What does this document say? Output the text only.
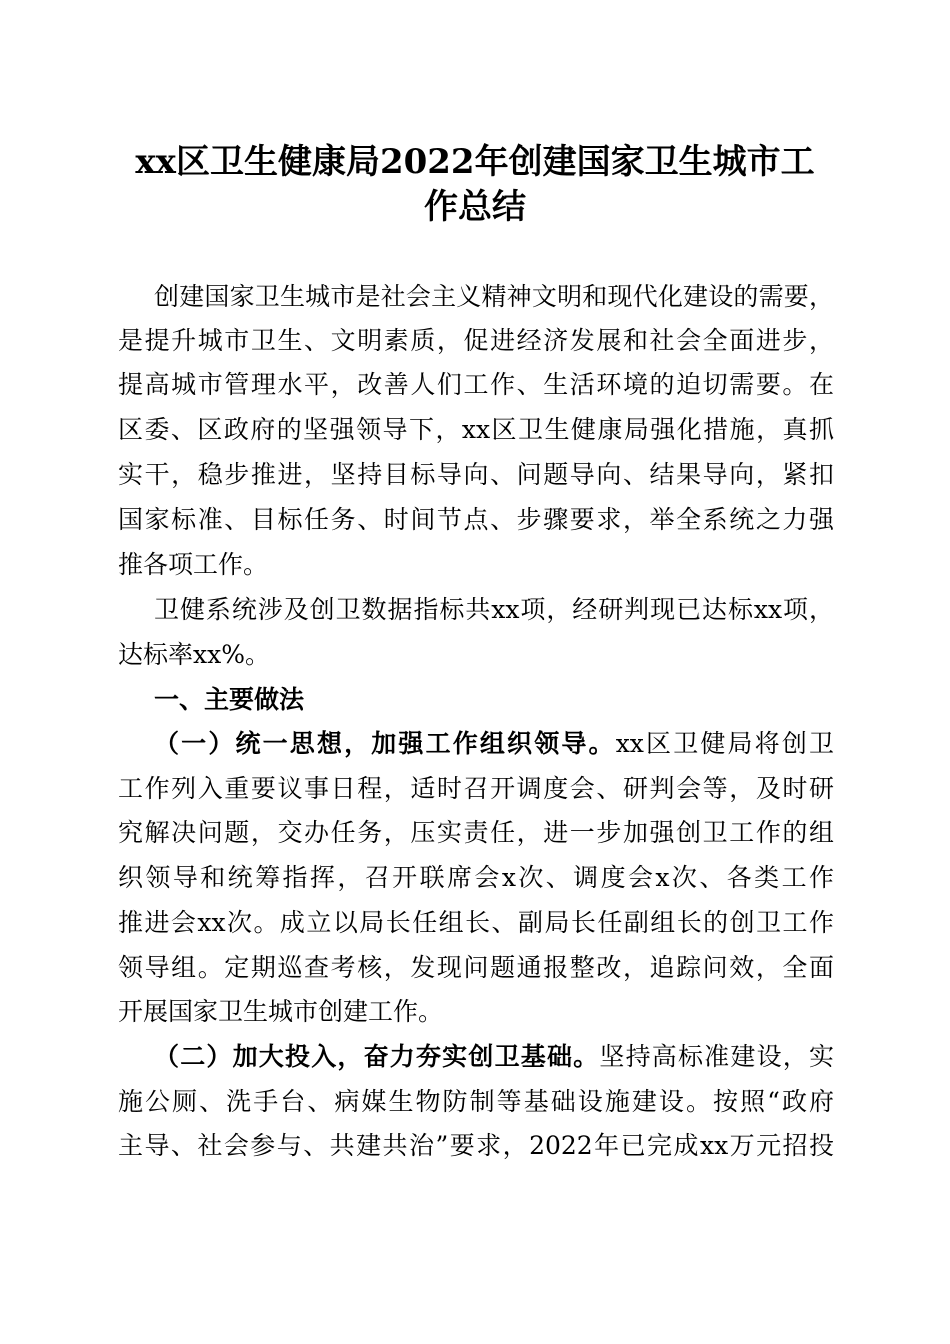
xx区卫生健康局2022年创建国家卫生城市工
作总结
创建国家卫生城市是社会主义精神文明和现代化建设的需要，
是提升城市卫生、文明素质，促进经济发展和社会全面进步，
提高城市管理水平，改善人们工作、生活环境的迫切需要。在
区委、区政府的坚强领导下，xx区卫生健康局强化措施，真抓
实干，稳步推进，坚持目标导向、问题导向、结果导向，紧扣
国家标准、目标任务、时间节点、步骤要求，举全系统之力强
推各项工作。
卫健系统涉及创卫数据指标共xx项，经研判现已达标xx项，
达标率xx%。
一、主要做法
（一）统一思想，加强工作组织领导。xx区卫健局将创卫
工作列入重要议事日程，适时召开调度会、研判会等，及时研
究解决问题，交办任务，压实责任，进一步加强创卫工作的组
织领导和统筹指挥，召开联席会x次、调度会x次、各类工作
推进会xx次。成立以局长任组长、副局长任副组长的创卫工作
领导组。定期巡查考核，发现问题通报整改，追踪问效，全面
开展国家卫生城市创建工作。
（二）加大投入，奋力夯实创卫基础。坚持高标准建设，实
施公厕、洗手台、病媒生物防制等基础设施建设。按照“政府
主导、社会参与、共建共治”要求，2022年已完成xx万元招投
